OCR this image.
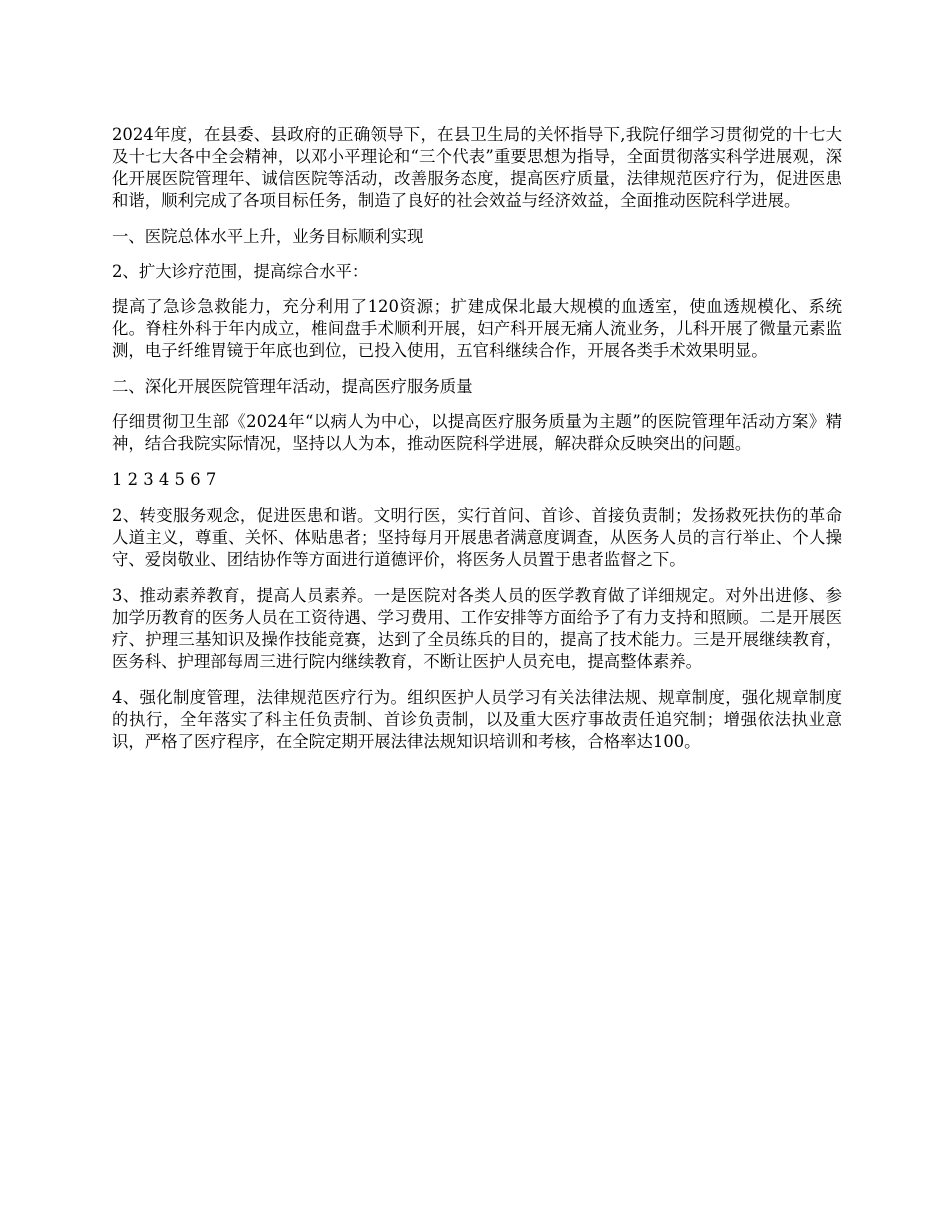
2024年度，在县委、县政府的正确领导下，在县卫生局的关怀指导下,我院仔细学习贯彻党的十七大及十七大各中全会精神，以邓小平理论和“三个代表”重要思想为指导，全面贯彻落实科学进展观，深化开展医院管理年、诚信医院等活动，改善服务态度，提高医疗质量，法律规范医疗行为，促进医患和谐，顺利完成了各项目标任务，制造了良好的社会效益与经济效益，全面推动医院科学进展。

一、医院总体水平上升，业务目标顺利实现

2、扩大诊疗范围，提高综合水平：

提高了急诊急救能力，充分利用了120资源；扩建成保北最大规模的血透室，使血透规模化、系统化。脊柱外科于年内成立，椎间盘手术顺利开展，妇产科开展无痛人流业务，儿科开展了微量元素监测，电子纤维胃镜于年底也到位，已投入使用，五官科继续合作，开展各类手术效果明显。

二、深化开展医院管理年活动，提高医疗服务质量

仔细贯彻卫生部《2024年“以病人为中心，以提高医疗服务质量为主题”的医院管理年活动方案》精神，结合我院实际情况，坚持以人为本，推动医院科学进展，解决群众反映突出的问题。

1 2 3 4 5 6 7

2、转变服务观念，促进医患和谐。文明行医，实行首问、首诊、首接负责制；发扬救死扶伤的革命人道主义，尊重、关怀、体贴患者；坚持每月开展患者满意度调查，从医务人员的言行举止、个人操守、爱岗敬业、团结协作等方面进行道德评价，将医务人员置于患者监督之下。

3、推动素养教育，提高人员素养。一是医院对各类人员的医学教育做了详细规定。对外出进修、参加学历教育的医务人员在工资待遇、学习费用、工作安排等方面给予了有力支持和照顾。二是开展医疗、护理三基知识及操作技能竞赛，达到了全员练兵的目的，提高了技术能力。三是开展继续教育，医务科、护理部每周三进行院内继续教育，不断让医护人员充电，提高整体素养。

4、强化制度管理，法律规范医疗行为。组织医护人员学习有关法律法规、规章制度，强化规章制度的执行，全年落实了科主任负责制、首诊负责制，以及重大医疗事故责任追究制；增强依法执业意识，严格了医疗程序，在全院定期开展法律法规知识培训和考核，合格率达100。
